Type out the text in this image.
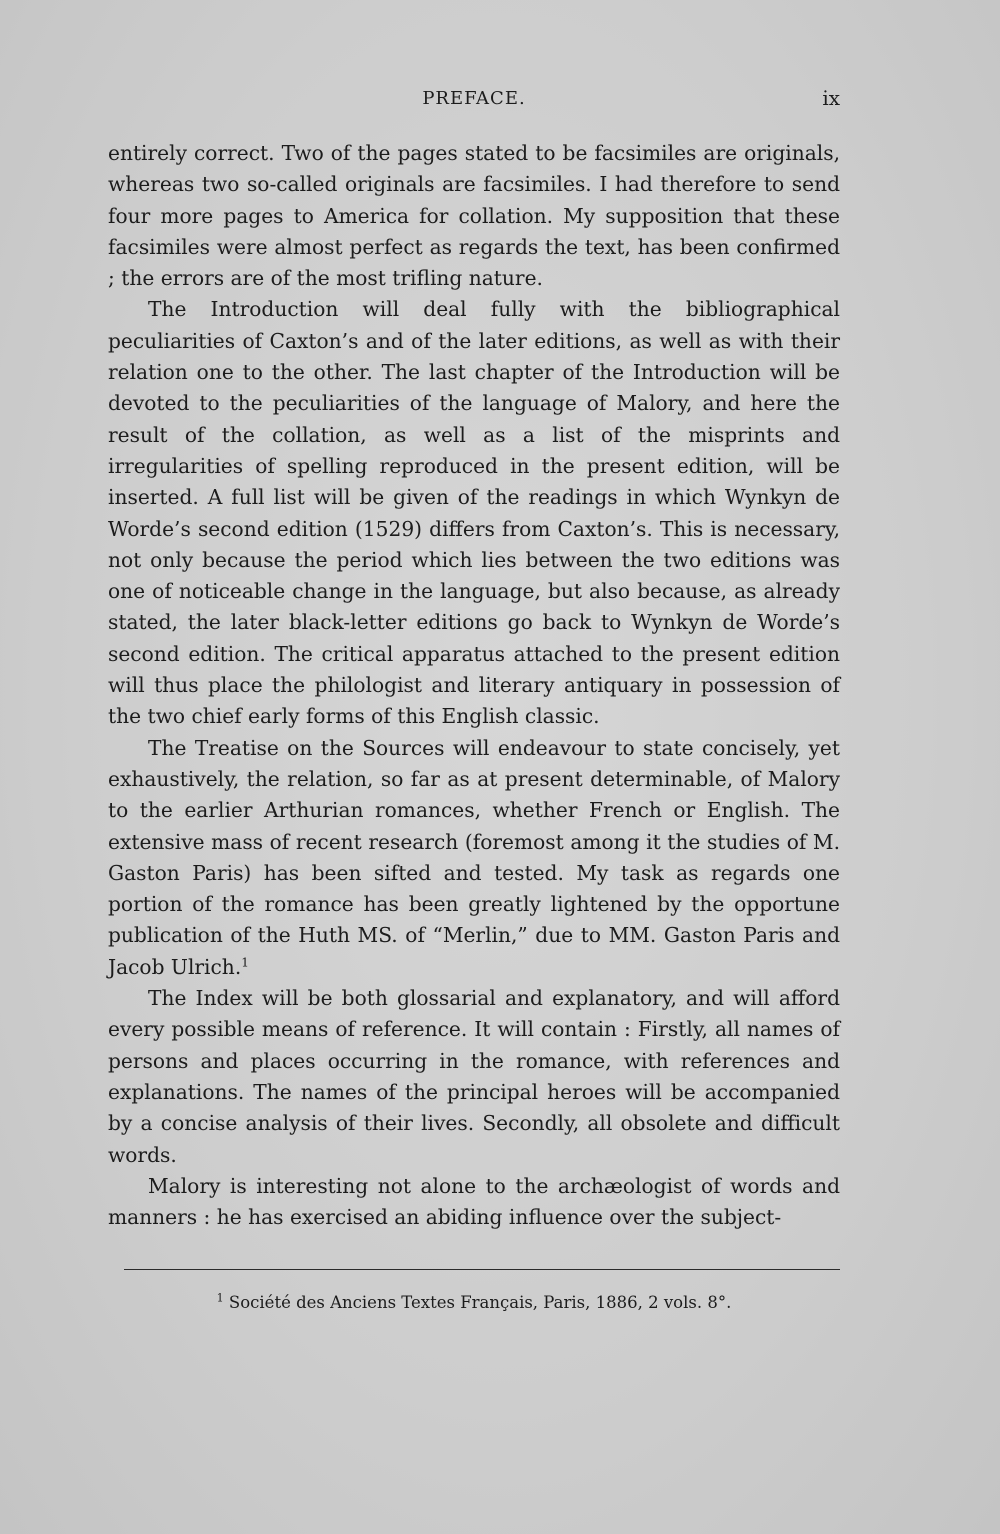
PREFACE.	ix

entirely correct. Two of the pages stated to be facsimiles are originals, whereas two so-called originals are facsimiles. I had therefore to send four more pages to America for collation. My supposition that these facsimiles were almost perfect as regards the text, has been confirmed ; the errors are of the most trifling nature.

The Introduction will deal fully with the bibliographical peculiarities of Caxton’s and of the later editions, as well as with their relation one to the other. The last chapter of the Introduction will be devoted to the peculiarities of the language of Malory, and here the result of the collation, as well as a list of the misprints and irregularities of spelling reproduced in the present edition, will be inserted. A full list will be given of the readings in which Wynkyn de Worde’s second edition (1529) differs from Caxton’s. This is necessary, not only because the period which lies between the two editions was one of noticeable change in the language, but also because, as already stated, the later black-letter editions go back to Wynkyn de Worde’s second edition. The critical apparatus attached to the present edition will thus place the philologist and literary antiquary in possession of the two chief early forms of this English classic.

The Treatise on the Sources will endeavour to state concisely, yet exhaustively, the relation, so far as at present determinable, of Malory to the earlier Arthurian romances, whether French or English. The extensive mass of recent research (foremost among it the studies of M. Gaston Paris) has been sifted and tested. My task as regards one portion of the romance has been greatly lightened by the opportune publication of the Huth MS. of “Merlin,” due to MM. Gaston Paris and Jacob Ulrich.$^1$

The Index will be both glossarial and explanatory, and will afford every possible means of reference. It will contain : Firstly, all names of persons and places occurring in the romance, with references and explanations. The names of the principal heroes will be accompanied by a concise analysis of their lives. Secondly, all obsolete and difficult words.

Malory is interesting not alone to the archæologist of words and manners : he has exercised an abiding influence over the subject-

$^1$ Société des Anciens Textes Français, Paris, 1886, 2 vols. 8°.
